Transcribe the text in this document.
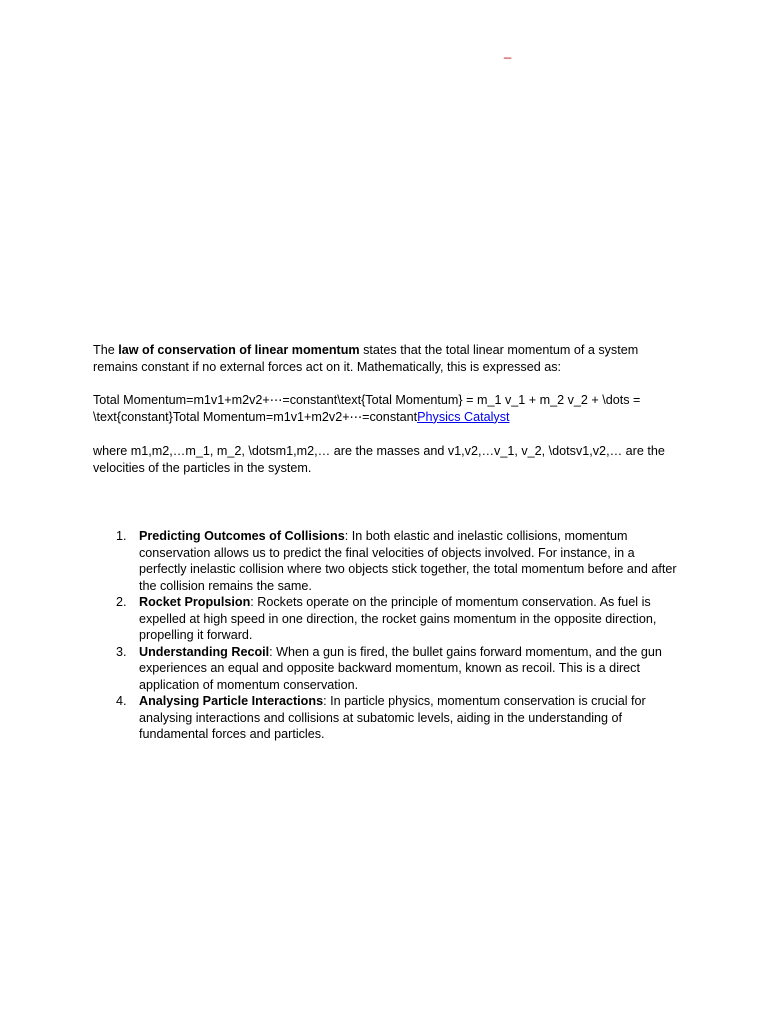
_

The law of conservation of linear momentum states that the total linear momentum of a system remains constant if no external forces act on it. Mathematically, this is expressed as:

Total Momentum=m1v1+m2v2+⋯=constant\text{Total Momentum} = m_1 v_1 + m_2 v_2 + \dots = \text{constant}Total Momentum=m1v1+m2v2+⋯=constantPhysics Catalyst

where m1,m2,…m_1, m_2, \dotsm1,m2,… are the masses and v1,v2,…v_1, v_2, \dotsv1,v2,… are the velocities of the particles in the system.

1. Predicting Outcomes of Collisions: In both elastic and inelastic collisions, momentum conservation allows us to predict the final velocities of objects involved. For instance, in a perfectly inelastic collision where two objects stick together, the total momentum before and after the collision remains the same.
2. Rocket Propulsion: Rockets operate on the principle of momentum conservation. As fuel is expelled at high speed in one direction, the rocket gains momentum in the opposite direction, propelling it forward.
3. Understanding Recoil: When a gun is fired, the bullet gains forward momentum, and the gun experiences an equal and opposite backward momentum, known as recoil. This is a direct application of momentum conservation.
4. Analysing Particle Interactions: In particle physics, momentum conservation is crucial for analysing interactions and collisions at subatomic levels, aiding in the understanding of fundamental forces and particles.
